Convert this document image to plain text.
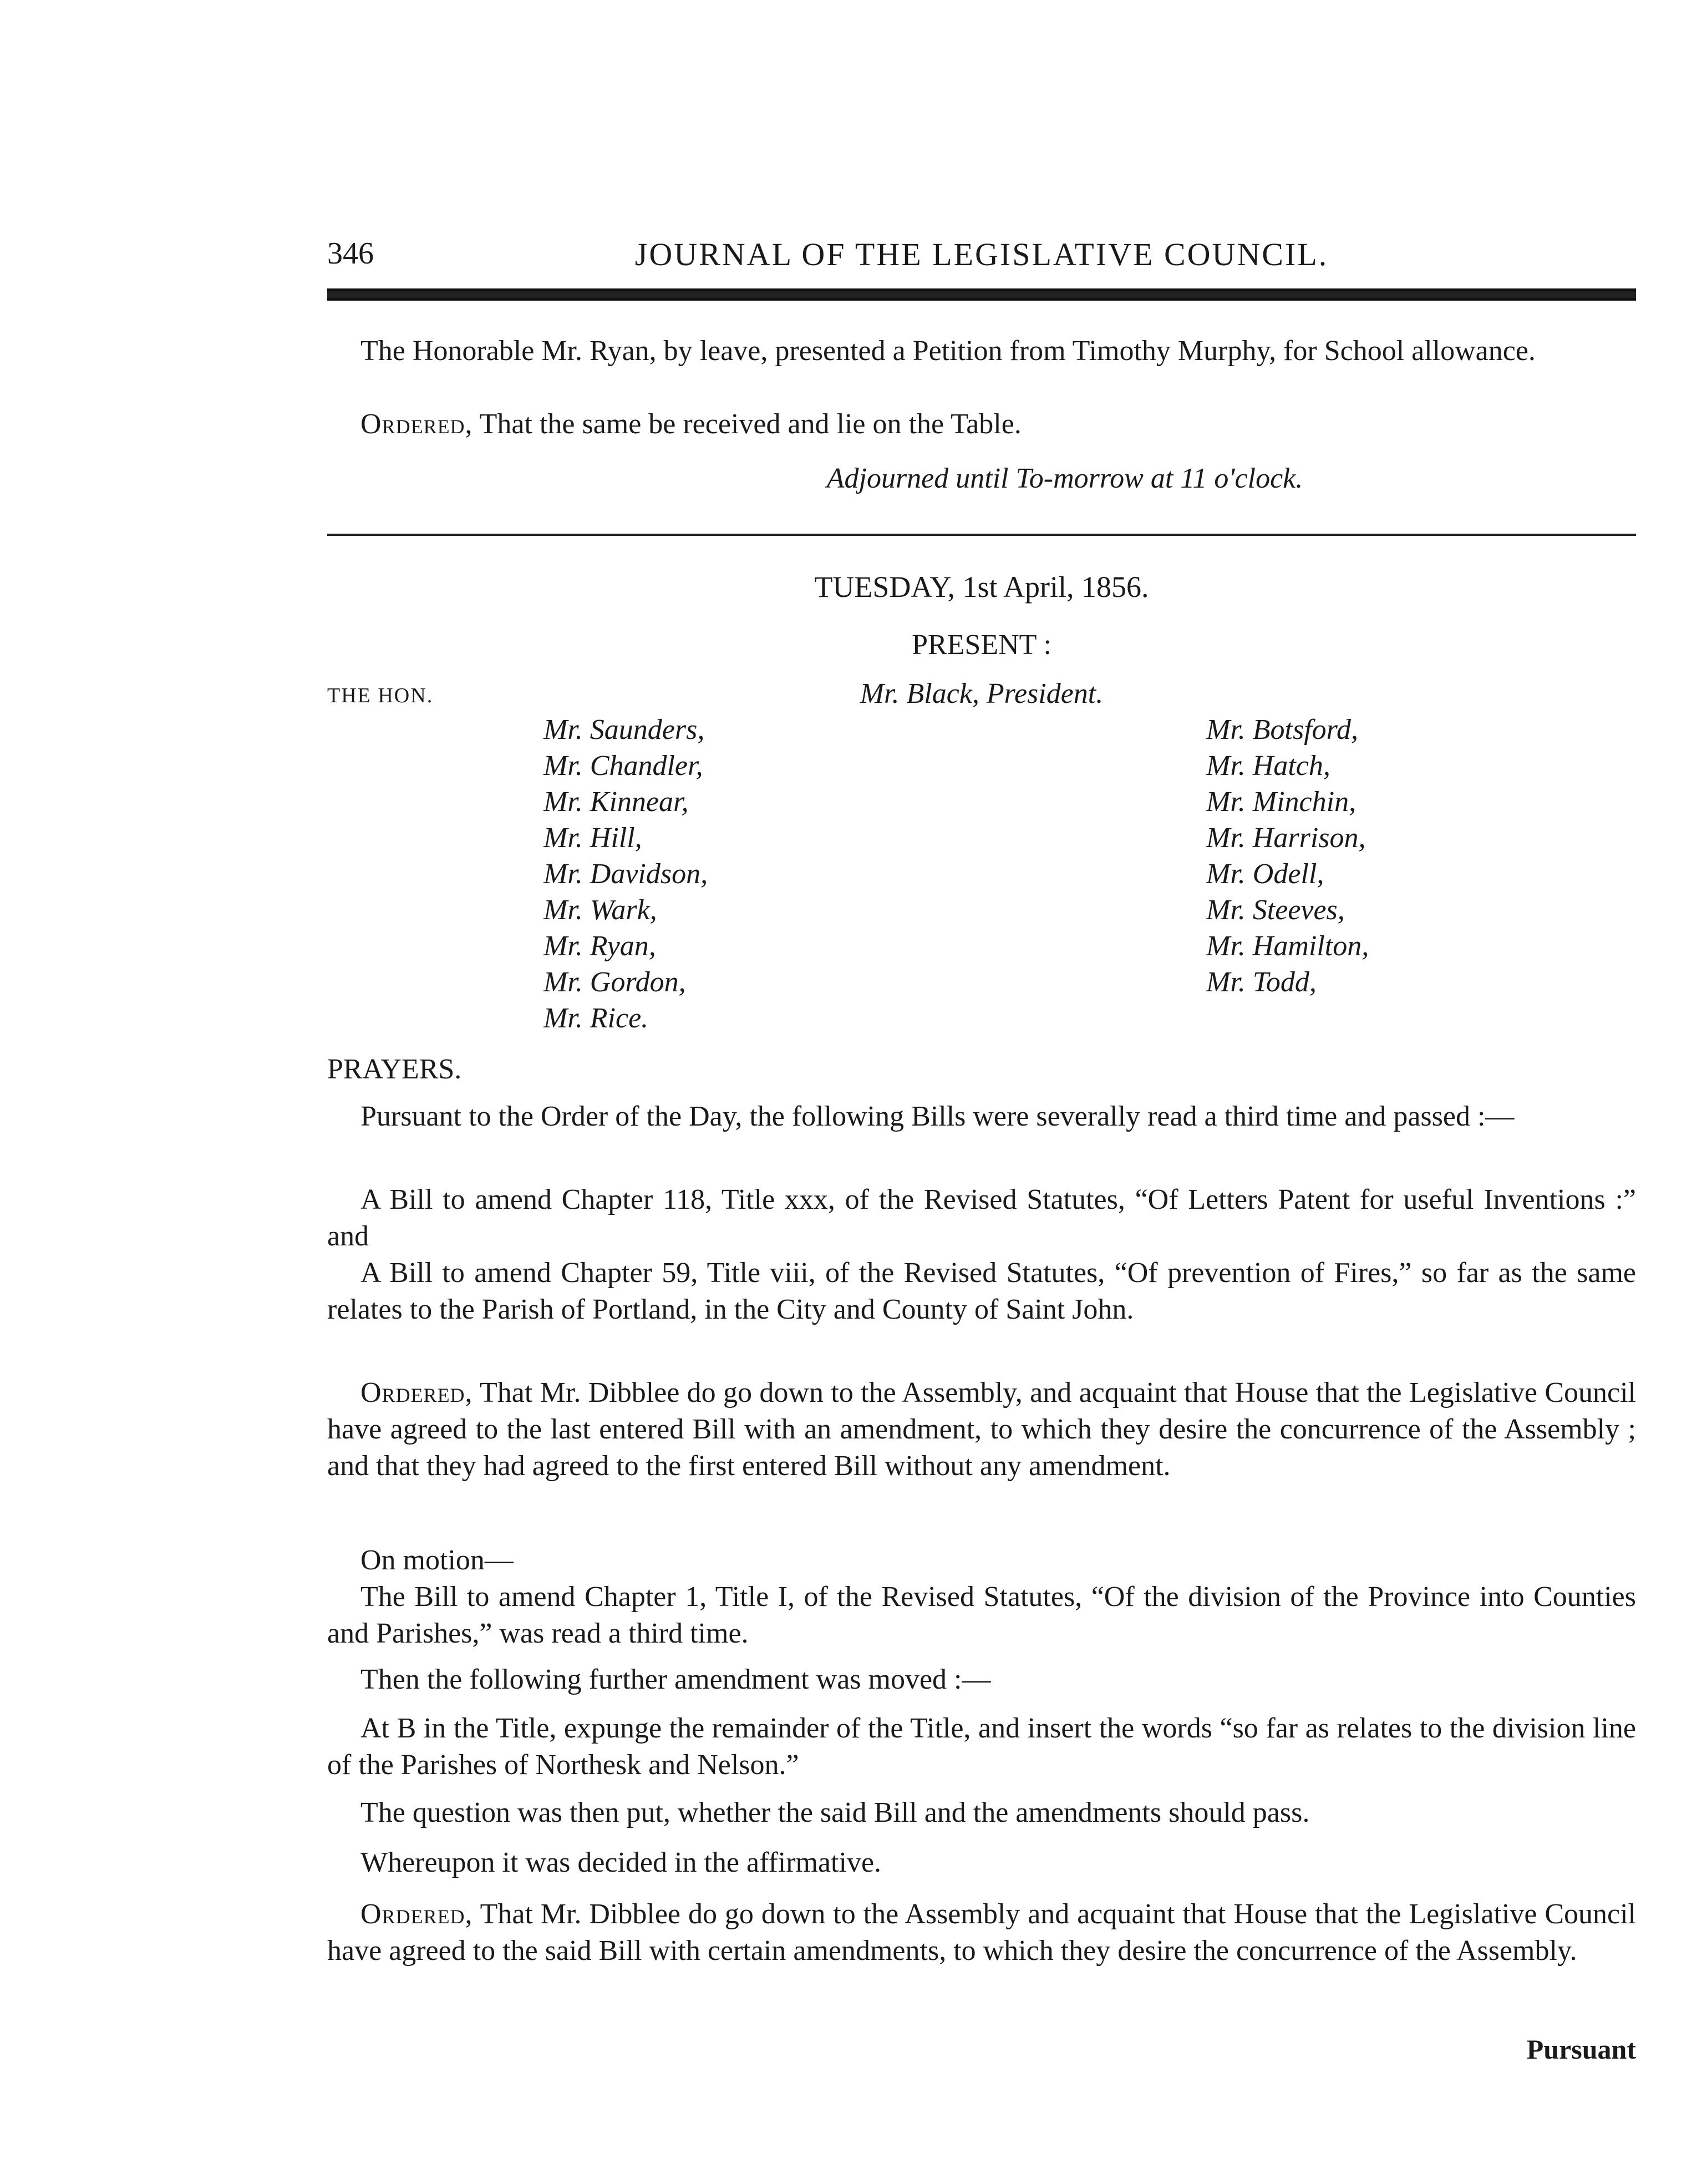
346	JOURNAL OF THE LEGISLATIVE COUNCIL.

The Honorable Mr. Ryan, by leave, presented a Petition from Timothy Murphy, for School allowance.

Ordered, That the same be received and lie on the Table.

Adjourned until To-morrow at 11 o'clock.

TUESDAY, 1st April, 1856.

PRESENT :

THE HON.	Mr. Black, President.

Mr. Saunders,
Mr. Chandler,
Mr. Kinnear,
Mr. Hill,
Mr. Davidson,
Mr. Wark,
Mr. Ryan,
Mr. Gordon,
Mr. Rice.
Mr. Botsford,
Mr. Hatch,
Mr. Minchin,
Mr. Harrison,
Mr. Odell,
Mr. Steeves,
Mr. Hamilton,
Mr. Todd,

PRAYERS.

Pursuant to the Order of the Day, the following Bills were severally read a third time and passed :—

A Bill to amend Chapter 118, Title xxx, of the Revised Statutes, “Of Letters Patent for useful Inventions :” and

A Bill to amend Chapter 59, Title viii, of the Revised Statutes, “Of prevention of Fires,” so far as the same relates to the Parish of Portland, in the City and County of Saint John.

Ordered, That Mr. Dibblee do go down to the Assembly, and acquaint that House that the Legislative Council have agreed to the last entered Bill with an amendment, to which they desire the concurrence of the Assembly ; and that they had agreed to the first entered Bill without any amendment.

On motion—

The Bill to amend Chapter 1, Title I, of the Revised Statutes, “Of the division of the Province into Counties and Parishes,” was read a third time.

Then the following further amendment was moved :—

At B in the Title, expunge the remainder of the Title, and insert the words “so far as relates to the division line of the Parishes of Northesk and Nelson.”

The question was then put, whether the said Bill and the amendments should pass.

Whereupon it was decided in the affirmative.

Ordered, That Mr. Dibblee do go down to the Assembly and acquaint that House that the Legislative Council have agreed to the said Bill with certain amendments, to which they desire the concurrence of the Assembly.

Pursuant
